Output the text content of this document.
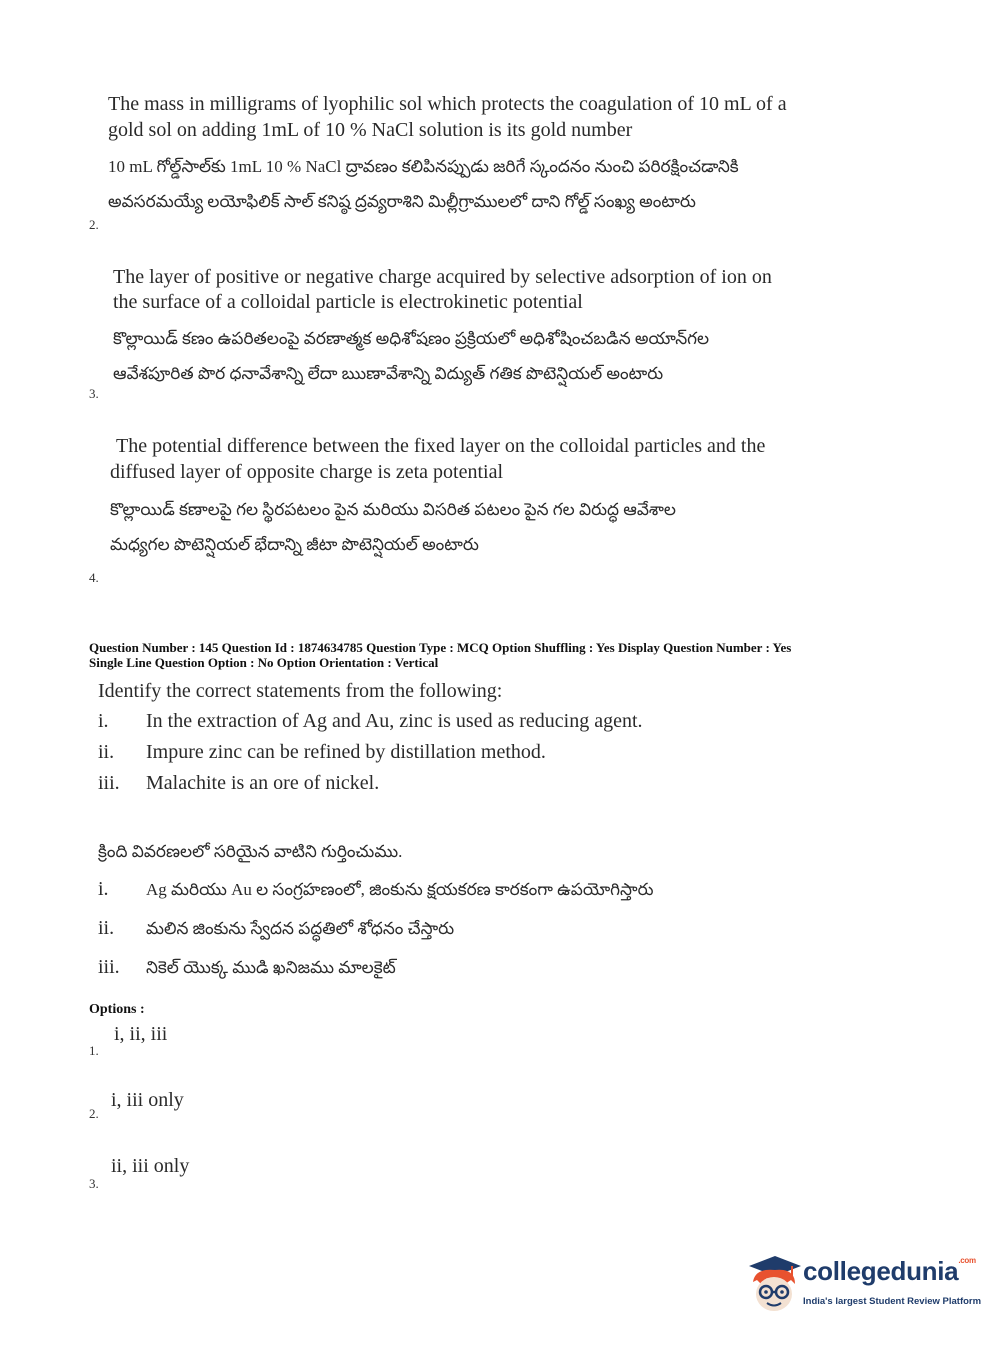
The mass in milligrams of lyophilic sol which protects the coagulation of 10 mL of a
gold sol on adding 1mL of 10 % NaCl solution is its gold number
10 mL గోల్డ్‌సాల్‌కు 1mL 10 % NaCl ద్రావణం కలిపినప్పుడు జరిగే స్కందనం నుంచి పరిరక్షించడానికి
అవసరమయ్యే లయోఫిలిక్ సాల్ కనిష్ఠ ద్రవ్యరాశిని మిల్లీగ్రాములలో దాని గోల్డ్ సంఖ్య అంటారు
2.
The layer of positive or negative charge acquired by selective adsorption of ion on
the surface of a colloidal particle is electrokinetic potential
కొల్లాయిడ్ కణం ఉపరితలంపై వరణాత్మక అధిశోషణం ప్రక్రియలో అధిశోషించబడిన అయాన్‌గల
ఆవేశపూరిత పొర ధనావేశాన్ని లేదా ఋణావేశాన్ని విద్యుత్ గతిక పొటెన్షియల్ అంటారు
3.
The potential difference between the fixed layer on the colloidal particles and the
diffused layer of opposite charge is zeta potential
కొల్లాయిడ్ కణాలపై గల స్థిరపటలం పైన మరియు విసరిత పటలం పైన గల విరుద్ధ ఆవేశాల
మధ్యగల పొటెన్షియల్ భేదాన్ని జీటా పొటెన్షియల్ అంటారు
4.
Question Number : 145 Question Id : 1874634785 Question Type : MCQ Option Shuffling : Yes Display Question Number : Yes
Single Line Question Option : No Option Orientation : Vertical
Identify the correct statements from the following:
i.	In the extraction of Ag and Au, zinc is used as reducing agent.
ii.	Impure zinc can be refined by distillation method.
iii.	Malachite is an ore of nickel.
క్రింది వివరణలలో సరియైన వాటిని గుర్తించుము.
i.	Ag మరియు Au ల సంగ్రహణంలో, జింకును క్షయకరణ కారకంగా ఉపయోగిస్తారు
ii.	మలిన జింకును స్వేదన పద్ధతిలో శోధనం చేస్తారు
iii.	నికెల్ యొక్క ముడి ఖనిజము మాలకైట్
Options :
i, ii, iii
1.
i, iii only
2.
ii, iii only
3.
collegedunia$^{.com}$
India's largest Student Review Platform
